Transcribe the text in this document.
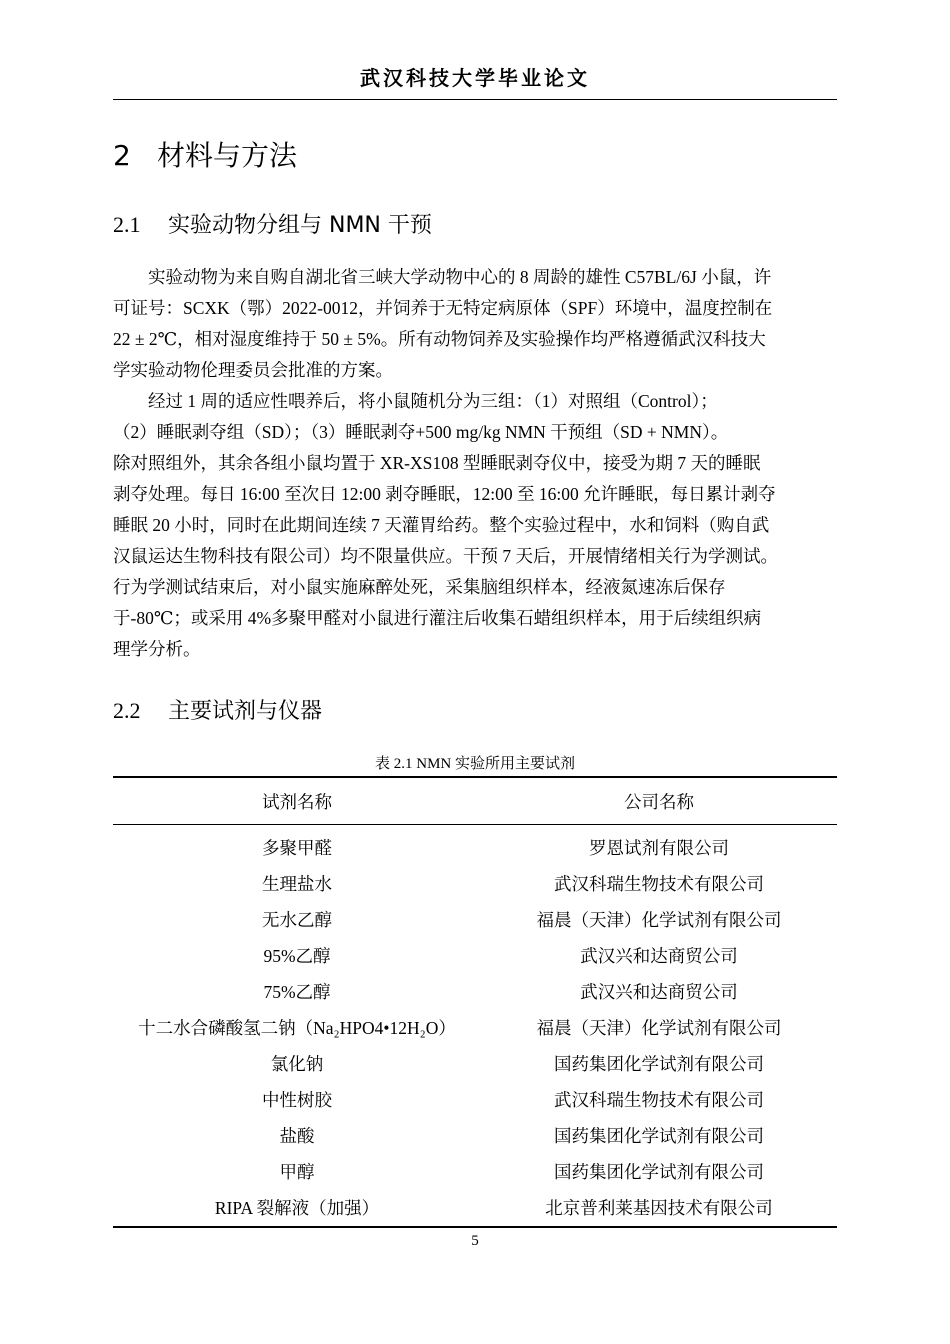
武汉科技大学毕业论文
2 材料与方法
2.1 实验动物分组与 NMN 干预
　　实验动物为来自购自湖北省三峡大学动物中心的 8 周龄的雄性 C57BL/6J 小鼠，许
可证号：SCXK（鄂）2022-0012，并饲养于无特定病原体（SPF）环境中，温度控制在
22 ± 2℃，相对湿度维持于 50 ± 5%。所有动物饲养及实验操作均严格遵循武汉科技大
学实验动物伦理委员会批准的方案。
　　经过 1 周的适应性喂养后，将小鼠随机分为三组：（1）对照组（Control）；
（2）睡眠剥夺组（SD）；（3）睡眠剥夺+500 mg/kg NMN 干预组（SD + NMN）。
除对照组外，其余各组小鼠均置于 XR-XS108 型睡眠剥夺仪中，接受为期 7 天的睡眠
剥夺处理。每日 16:00 至次日 12:00 剥夺睡眠，12:00 至 16:00 允许睡眠，每日累计剥夺
睡眠 20 小时，同时在此期间连续 7 天灌胃给药。整个实验过程中，水和饲料（购自武
汉鼠运达生物科技有限公司）均不限量供应。干预 7 天后，开展情绪相关行为学测试。
行为学测试结束后，对小鼠实施麻醉处死，采集脑组织样本，经液氮速冻后保存
于-80℃；或采用 4%多聚甲醛对小鼠进行灌注后收集石蜡组织样本，用于后续组织病
理学分析。
2.2 主要试剂与仪器
表 2.1 NMN 实验所用主要试剂
试剂名称	公司名称
多聚甲醛	罗恩试剂有限公司
生理盐水	武汉科瑞生物技术有限公司
无水乙醇	福晨（天津）化学试剂有限公司
95%乙醇	武汉兴和达商贸公司
75%乙醇	武汉兴和达商贸公司
十二水合磷酸氢二钠（Na₂HPO4•12H₂O）	福晨（天津）化学试剂有限公司
氯化钠	国药集团化学试剂有限公司
中性树胶	武汉科瑞生物技术有限公司
盐酸	国药集团化学试剂有限公司
甲醇	国药集团化学试剂有限公司
RIPA 裂解液（加强）	北京普利莱基因技术有限公司
5
